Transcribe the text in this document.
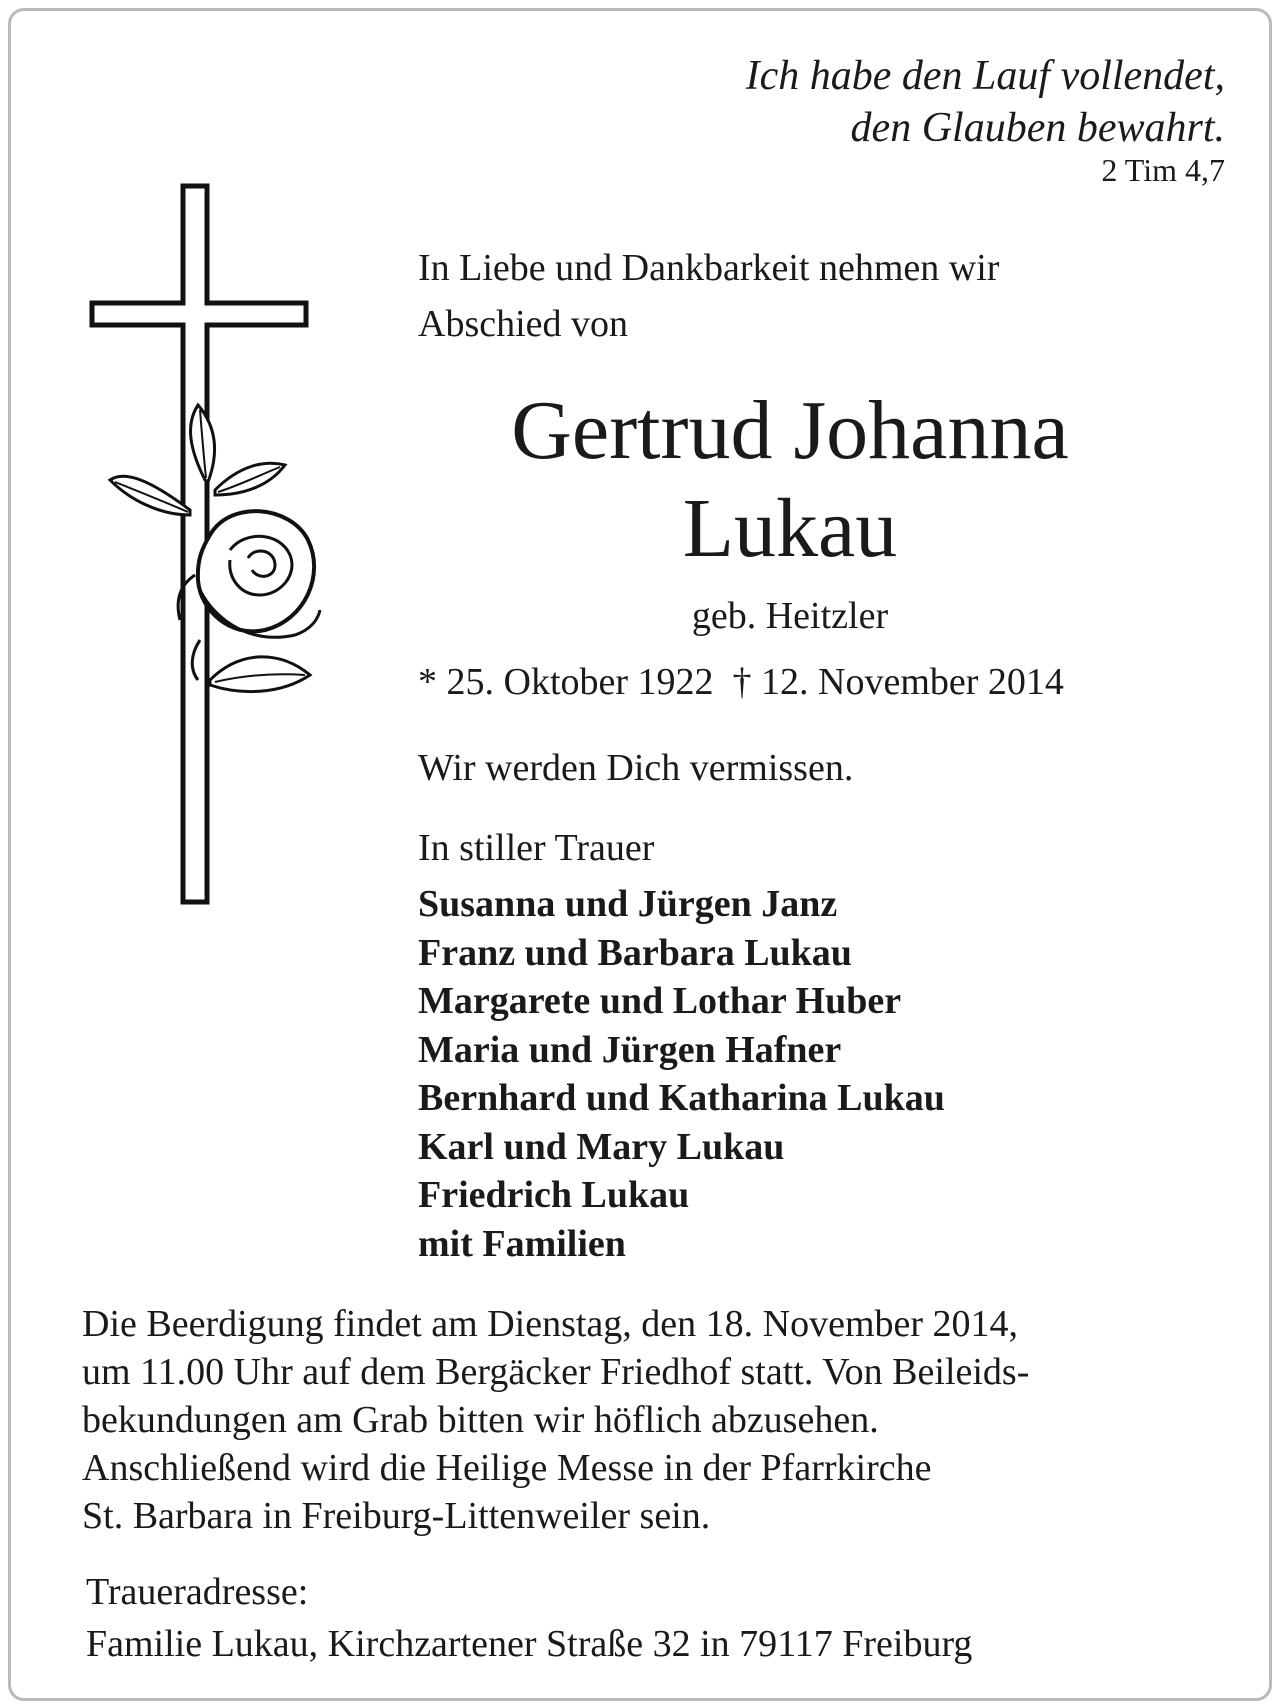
Ich habe den Lauf vollendet,
den Glauben bewahrt.
2 Tim 4,7
In Liebe und Dankbarkeit nehmen wir
Abschied von
Gertrud Johanna
Lukau
geb. Heitzler
* 25. Oktober 1922  † 12. November 2014
Wir werden Dich vermissen.
In stiller Trauer
Susanna und Jürgen Janz
Franz und Barbara Lukau
Margarete und Lothar Huber
Maria und Jürgen Hafner
Bernhard und Katharina Lukau
Karl und Mary Lukau
Friedrich Lukau
mit Familien
Die Beerdigung findet am Dienstag, den 18. November 2014,
um 11.00 Uhr auf dem Bergäcker Friedhof statt. Von Beileids-
bekundungen am Grab bitten wir höflich abzusehen.
Anschließend wird die Heilige Messe in der Pfarrkirche
St. Barbara in Freiburg-Littenweiler sein.
Traueradresse:
Familie Lukau, Kirchzartener Straße 32 in 79117 Freiburg
